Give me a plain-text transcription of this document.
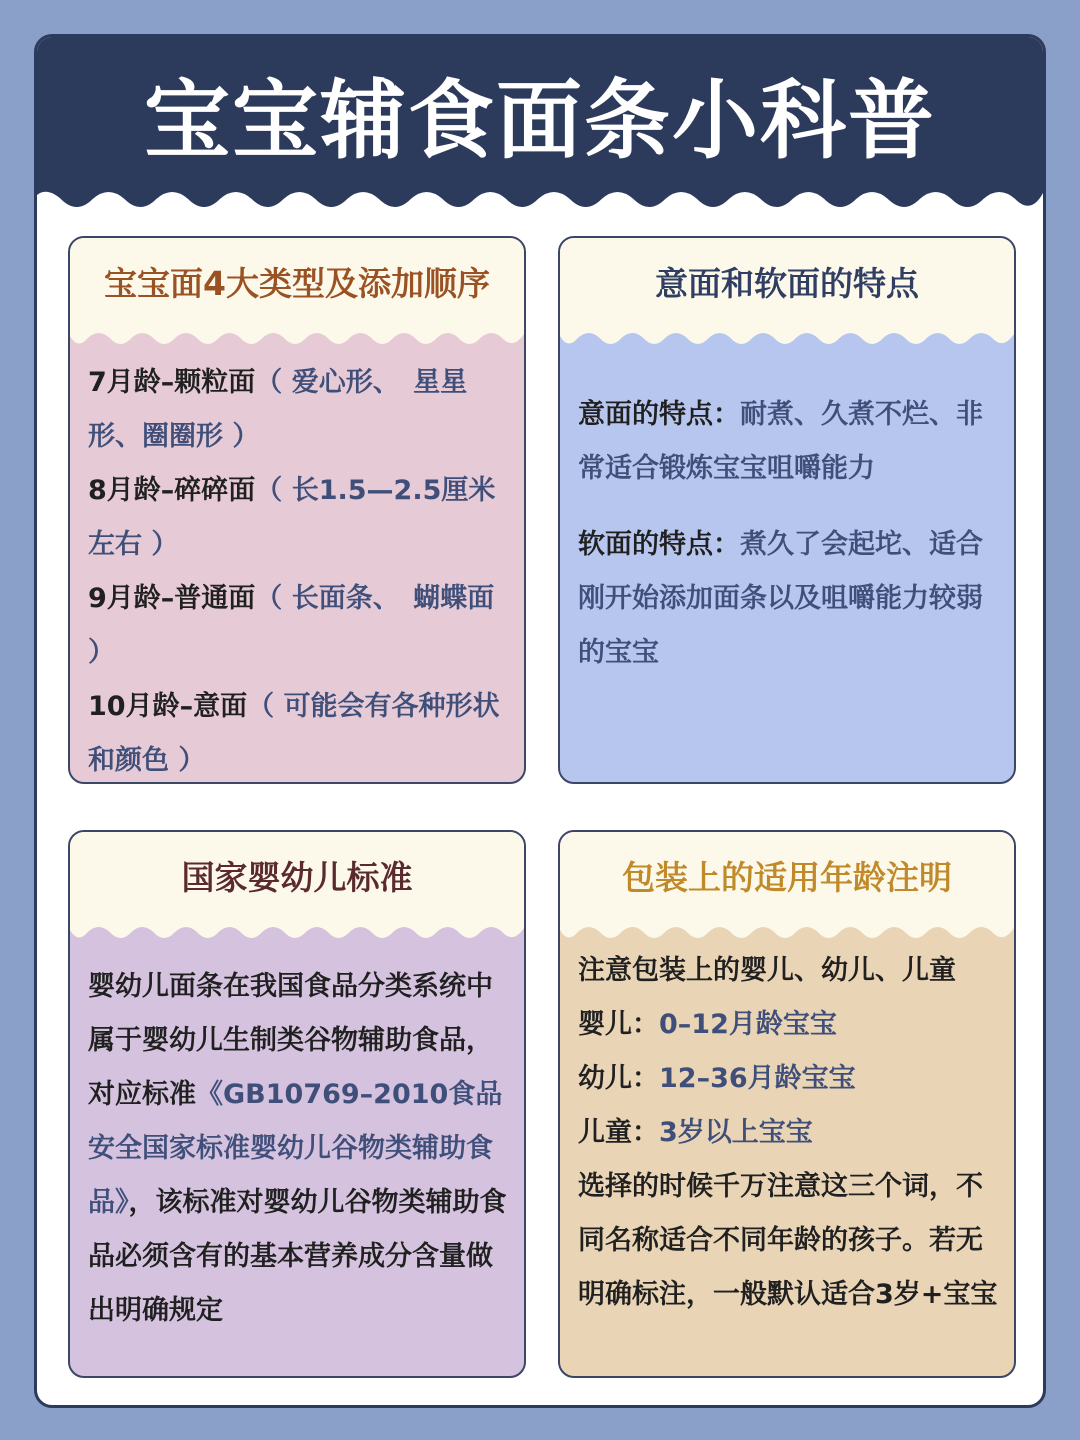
宝宝辅食面条小科普
宝宝面4大类型及添加顺序
7月龄–颗粒面（ 爱心形、　星星形、圈圈形 ）
8月龄–碎碎面（ 长1.5—2.5厘米左右 ）
9月龄–普通面（ 长面条、　蝴蝶面 ）
10月龄–意面（ 可能会有各种形状和颜色 ）
意面和软面的特点
意面的特点：耐煮、久煮不烂、非常适合锻炼宝宝咀嚼能力
软面的特点：煮久了会起坨、适合刚开始添加面条以及咀嚼能力较弱的宝宝
国家婴幼儿标准
婴幼儿面条在我国食品分类系统中属于婴幼儿生制类谷物辅助食品，对应标准《GB10769–2010食品安全国家标准婴幼儿谷物类辅助食品》，该标准对婴幼儿谷物类辅助食品必须含有的基本营养成分含量做出明确规定
包装上的适用年龄注明
注意包装上的婴儿、幼儿、儿童
婴儿：0–12月龄宝宝
幼儿：12–36月龄宝宝
儿童：3岁以上宝宝
选择的时候千万注意这三个词，不同名称适合不同年龄的孩子。若无明确标注，一般默认适合3岁+宝宝
